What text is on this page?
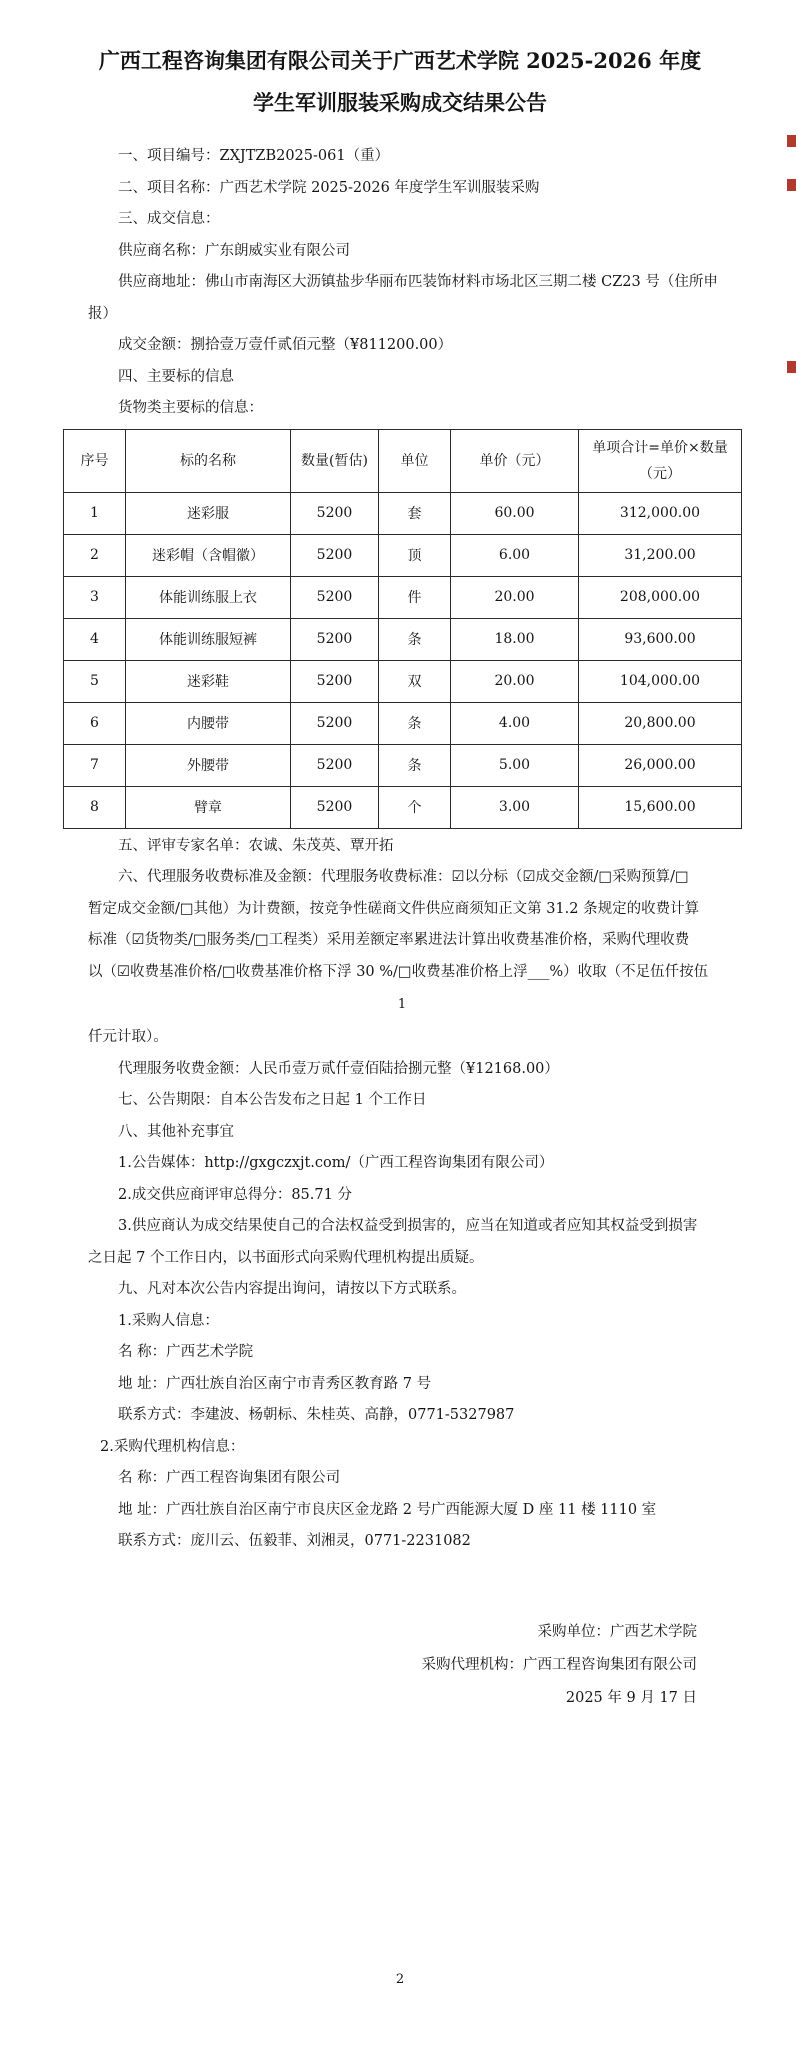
广西工程咨询集团有限公司关于广西艺术学院 2025-2026 年度
学生军训服装采购成交结果公告
一、项目编号：ZXJTZB2025-061（重）
二、项目名称：广西艺术学院 2025-2026 年度学生军训服装采购
三、成交信息：
供应商名称：广东朗威实业有限公司
供应商地址：佛山市南海区大沥镇盐步华丽布匹装饰材料市场北区三期二楼 CZ23 号（住所申
报）
成交金额：捌拾壹万壹仟贰佰元整（¥811200.00）
四、主要标的信息
货物类主要标的信息：
序号	标的名称	数量(暂估)	单位	单价（元）	单项合计=单价×数量
（元）

1	迷彩服	5200	套	60.00	312,000.00
2	迷彩帽（含帽徽）	5200	顶	6.00	31,200.00
3	体能训练服上衣	5200	件	20.00	208,000.00
4	体能训练服短裤	5200	条	18.00	93,600.00
5	迷彩鞋	5200	双	20.00	104,000.00
6	内腰带	5200	条	4.00	20,800.00
7	外腰带	5200	条	5.00	26,000.00
8	臂章	5200	个	3.00	15,600.00
五、评审专家名单：农诚、朱茂英、覃开拓
六、代理服务收费标准及金额：代理服务收费标准：☑以分标（☑成交金额/□采购预算/□
暂定成交金额/□其他）为计费额，按竞争性磋商文件供应商须知正文第 31.2 条规定的收费计算
标准（☑货物类/□服务类/□工程类）采用差额定率累进法计算出收费基准价格，采购代理收费
以（☑收费基准价格/□收费基准价格下浮 30 %/□收费基准价格上浮___%）收取（不足伍仟按伍
1
仟元计取）。
代理服务收费金额：人民币壹万贰仟壹佰陆拾捌元整（¥12168.00）
七、公告期限：自本公告发布之日起 1 个工作日
八、其他补充事宜
1.公告媒体：http://gxgczxjt.com/（广西工程咨询集团有限公司）
2.成交供应商评审总得分：85.71 分
3.供应商认为成交结果使自己的合法权益受到损害的，应当在知道或者应知其权益受到损害
之日起 7 个工作日内，以书面形式向采购代理机构提出质疑。
九、凡对本次公告内容提出询问，请按以下方式联系。
1.采购人信息：
名 称：广西艺术学院
地 址：广西壮族自治区南宁市青秀区教育路 7 号
联系方式：李建波、杨朝标、朱桂英、高静，0771-5327987
2.采购代理机构信息：
名 称：广西工程咨询集团有限公司
地 址：广西壮族自治区南宁市良庆区金龙路 2 号广西能源大厦 D 座 11 楼 1110 室
联系方式：庞川云、伍毅菲、刘湘灵，0771-2231082
采购单位：广西艺术学院
采购代理机构：广西工程咨询集团有限公司
2025 年 9 月 17 日
2
